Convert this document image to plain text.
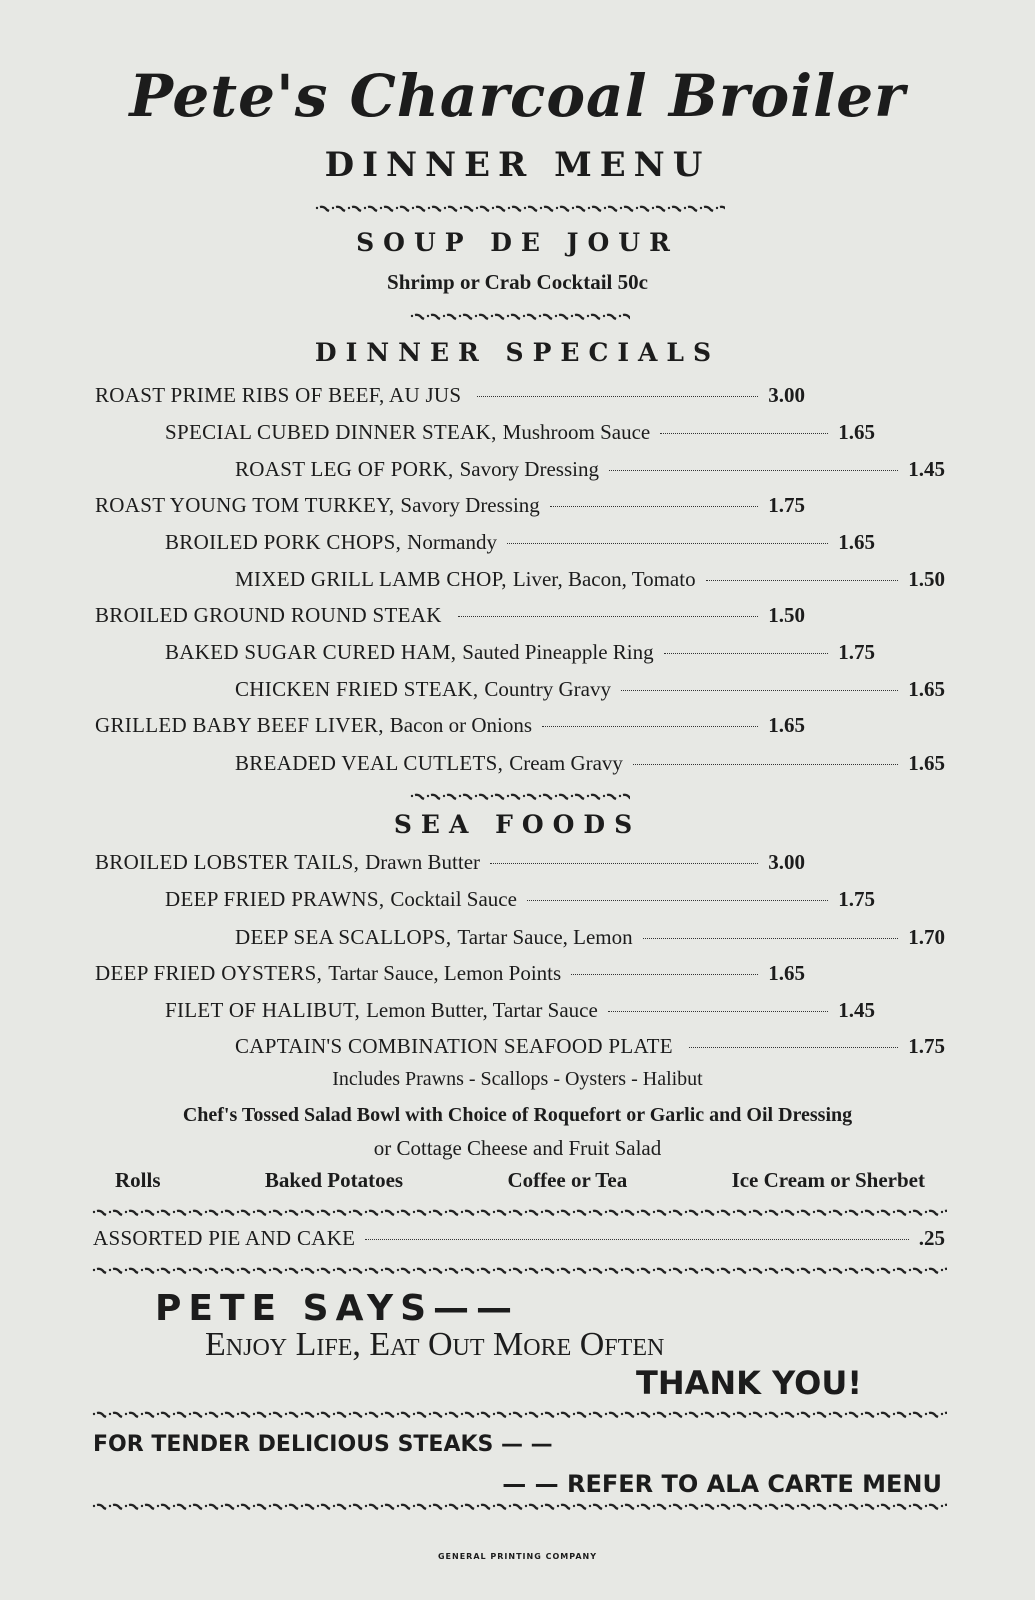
Pete's Charcoal Broiler
DINNER MENU
SOUP DE JOUR
Shrimp or Crab Cocktail 50c
DINNER SPECIALS
ROAST PRIME RIBS OF BEEF, AU JUS	3.00
SPECIAL CUBED DINNER STEAK, Mushroom Sauce	1.65
ROAST LEG OF PORK, Savory Dressing	1.45
ROAST YOUNG TOM TURKEY, Savory Dressing	1.75
BROILED PORK CHOPS, Normandy	1.65
MIXED GRILL LAMB CHOP, Liver, Bacon, Tomato	1.50
BROILED GROUND ROUND STEAK	1.50
BAKED SUGAR CURED HAM, Sauted Pineapple Ring	1.75
CHICKEN FRIED STEAK, Country Gravy	1.65
GRILLED BABY BEEF LIVER, Bacon or Onions	1.65
BREADED VEAL CUTLETS, Cream Gravy	1.65
SEA FOODS
BROILED LOBSTER TAILS, Drawn Butter	3.00
DEEP FRIED PRAWNS, Cocktail Sauce	1.75
DEEP SEA SCALLOPS, Tartar Sauce, Lemon	1.70
DEEP FRIED OYSTERS, Tartar Sauce, Lemon Points	1.65
FILET OF HALIBUT, Lemon Butter, Tartar Sauce	1.45
CAPTAIN'S COMBINATION SEAFOOD PLATE	1.75
Includes Prawns - Scallops - Oysters - Halibut
Chef's Tossed Salad Bowl with Choice of Roquefort or Garlic and Oil Dressing
or Cottage Cheese and Fruit Salad
Rolls	Baked Potatoes	Coffee or Tea	Ice Cream or Sherbet
ASSORTED PIE AND CAKE	.25
PETE SAYS——
Enjoy Life, Eat Out More Often
THANK YOU!
FOR TENDER DELICIOUS STEAKS — —
— — REFER TO ALA CARTE MENU
GENERAL PRINTING COMPANY
